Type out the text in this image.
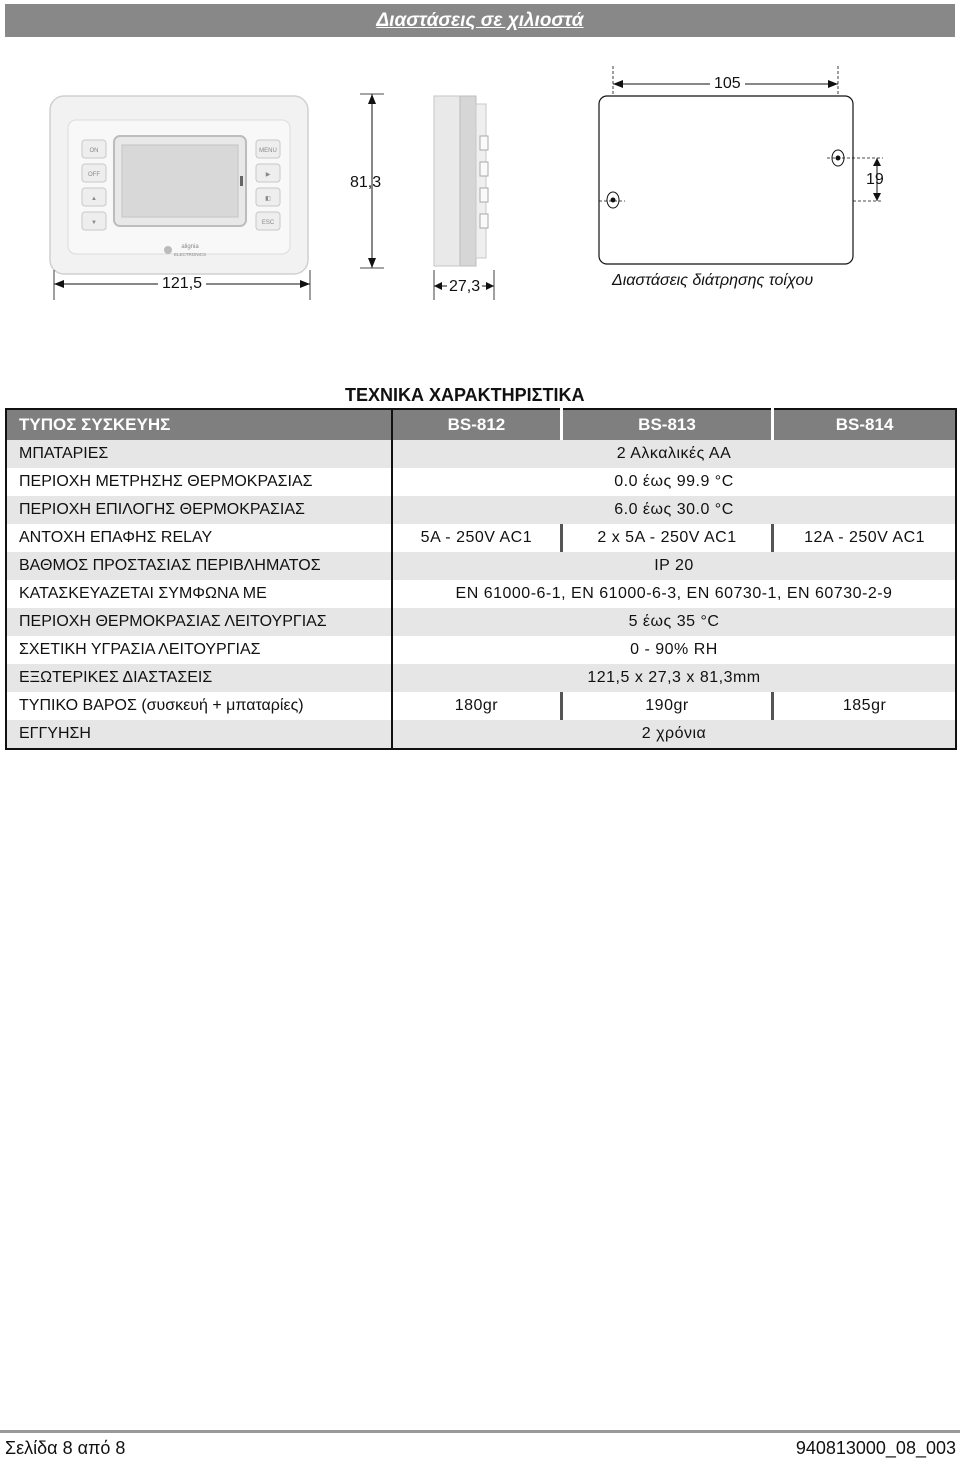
Διαστάσεις σε χιλιοστά
ON
OFF
▲
▼
MENU
▶
◧
ESC
alignia
ELECTRONICS
81,3
121,5	27,3
105
19
Διαστάσεις διάτρησης τοίχου
ΤΕΧΝΙΚΑ ΧΑΡΑΚΤΗΡΙΣΤΙΚΑ
ΤΥΠΟΣ ΣΥΣΚΕΥΗΣ	BS-812	BS-813	BS-814
ΜΠΑΤΑΡΙΕΣ	2 Αλκαλικές ΑΑ		
ΠΕΡΙΟΧΗ ΜΕΤΡΗΣΗΣ ΘΕΡΜΟΚΡΑΣΙΑΣ	0.0 έως 99.9 °C		
ΠΕΡΙΟΧΗ ΕΠΙΛΟΓΗΣ ΘΕΡΜΟΚΡΑΣΙΑΣ	6.0 έως 30.0 °C		
ΑΝΤΟΧΗ ΕΠΑΦΗΣ RELAY	5A - 250V AC1	2 x 5A - 250V AC1	12A - 250V AC1
ΒΑΘΜΟΣ ΠΡΟΣΤΑΣΙΑΣ ΠΕΡΙΒΛΗΜΑΤΟΣ	IP 20		
ΚΑΤΑΣΚΕΥΑΖΕΤΑΙ ΣΥΜΦΩΝΑ ΜΕ	EN 61000-6-1, EN 61000-6-3, EN 60730-1, EN 60730-2-9		
ΠΕΡΙΟΧΗ ΘΕΡΜΟΚΡΑΣΙΑΣ ΛΕΙΤΟΥΡΓΙΑΣ	5 έως 35 °C		
ΣΧΕΤΙΚΗ ΥΓΡΑΣΙΑ ΛΕΙΤΟΥΡΓΙΑΣ	0 - 90% RH		
ΕΞΩΤΕΡΙΚΕΣ ΔΙΑΣΤΑΣΕΙΣ	121,5 x 27,3 x 81,3mm		
ΤΥΠΙΚΟ ΒΑΡΟΣ (συσκευή + μπαταρίες)	180gr	190gr	185gr
ΕΓΓΥΗΣΗ	2 χρόνια		
Σελίδα 8 από 8	940813000_08_003
